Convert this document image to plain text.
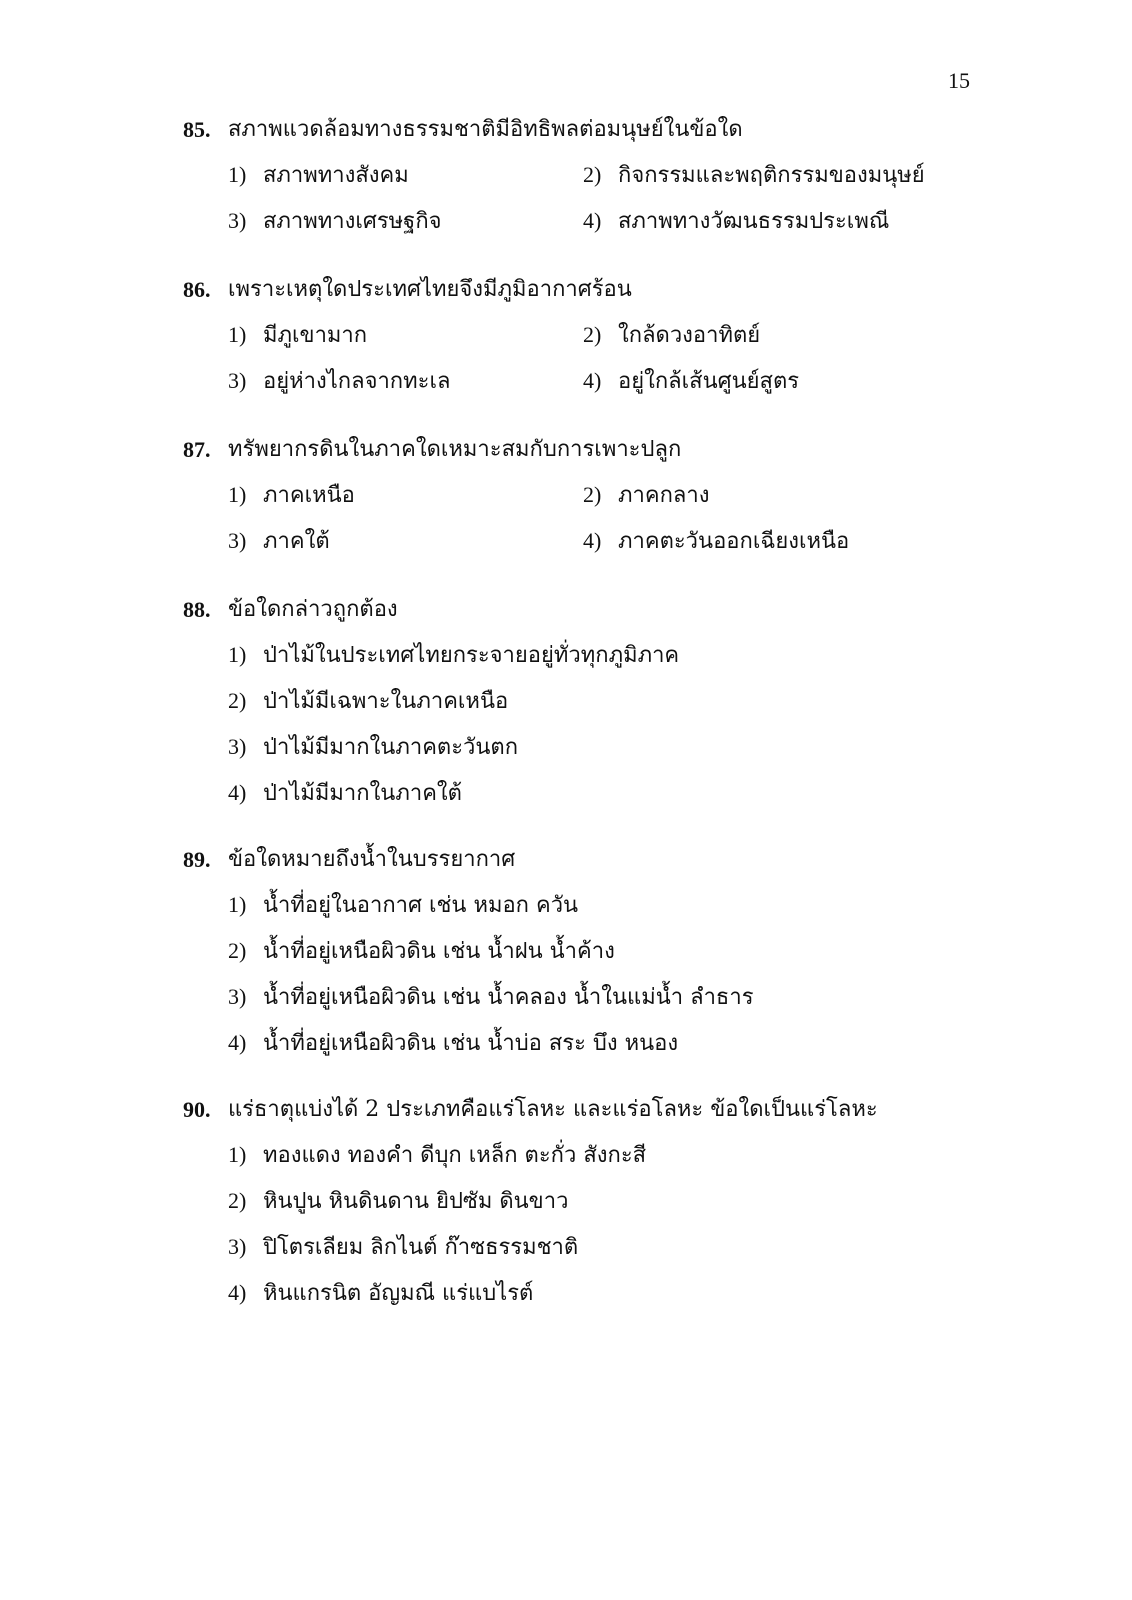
15
85. สภาพแวดล้อมทางธรรมชาติมีอิทธิพลต่อมนุษย์ในข้อใด
1) สภาพทางสังคม	2) กิจกรรมและพฤติกรรมของมนุษย์
3) สภาพทางเศรษฐกิจ	4) สภาพทางวัฒนธรรมประเพณี
86. เพราะเหตุใดประเทศไทยจึงมีภูมิอากาศร้อน
1) มีภูเขามาก	2) ใกล้ดวงอาทิตย์
3) อยู่ห่างไกลจากทะเล	4) อยู่ใกล้เส้นศูนย์สูตร
87. ทรัพยากรดินในภาคใดเหมาะสมกับการเพาะปลูก
1) ภาคเหนือ	2) ภาคกลาง
3) ภาคใต้	4) ภาคตะวันออกเฉียงเหนือ
88. ข้อใดกล่าวถูกต้อง
1) ป่าไม้ในประเทศไทยกระจายอยู่ทั่วทุกภูมิภาค
2) ป่าไม้มีเฉพาะในภาคเหนือ
3) ป่าไม้มีมากในภาคตะวันตก
4) ป่าไม้มีมากในภาคใต้
89. ข้อใดหมายถึงน้ำในบรรยากาศ
1) น้ำที่อยู่ในอากาศ เช่น หมอก ควัน
2) น้ำที่อยู่เหนือผิวดิน เช่น น้ำฝน น้ำค้าง
3) น้ำที่อยู่เหนือผิวดิน เช่น น้ำคลอง น้ำในแม่น้ำ ลำธาร
4) น้ำที่อยู่เหนือผิวดิน เช่น น้ำบ่อ สระ บึง หนอง
90. แร่ธาตุแบ่งได้ 2 ประเภทคือแร่โลหะ และแร่อโลหะ ข้อใดเป็นแร่โลหะ
1) ทองแดง ทองคำ ดีบุก เหล็ก ตะกั่ว สังกะสี
2) หินปูน หินดินดาน ยิปซัม ดินขาว
3) ปิโตรเลียม ลิกไนต์ ก๊าซธรรมชาติ
4) หินแกรนิต อัญมณี แร่แบไรต์
